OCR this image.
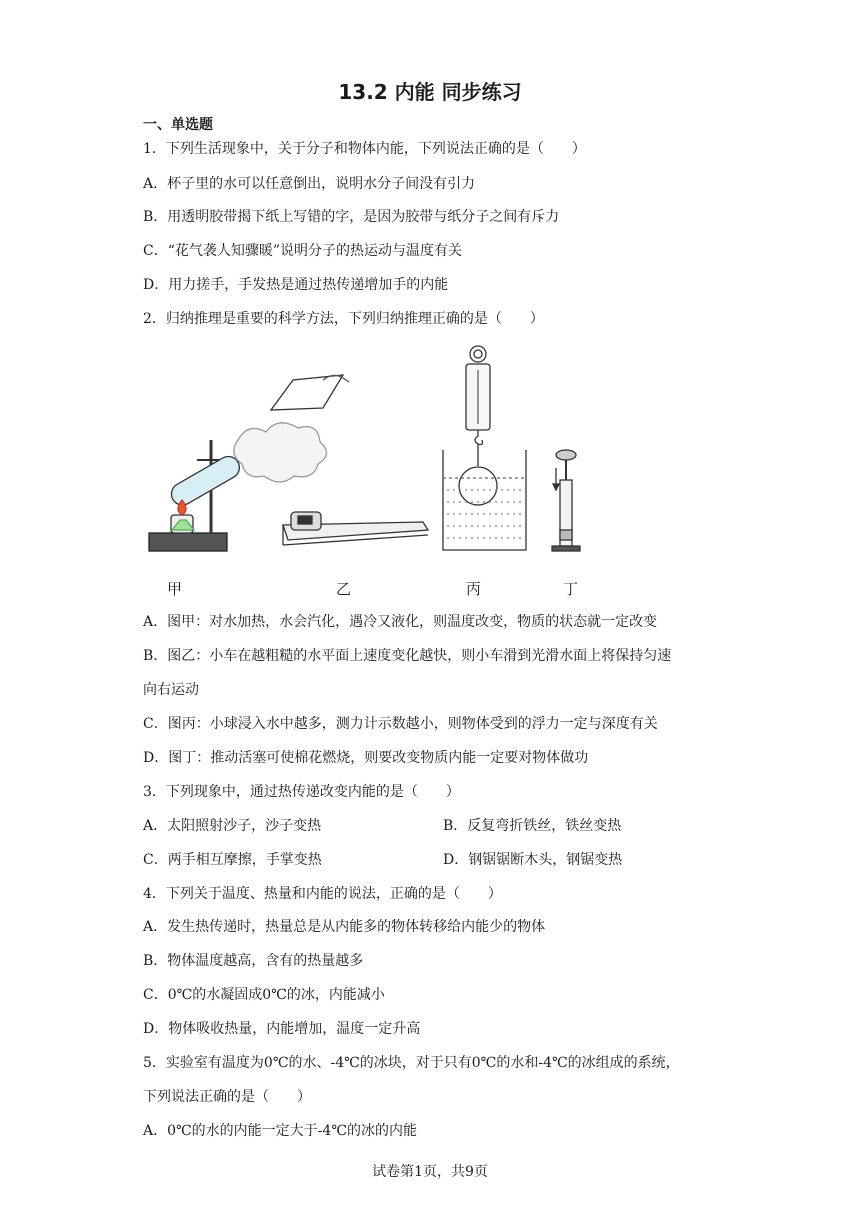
13.2 内能 同步练习
一、单选题
1．下列生活现象中，关于分子和物体内能，下列说法正确的是（　　）
A．杯子里的水可以任意倒出，说明水分子间没有引力
B．用透明胶带揭下纸上写错的字，是因为胶带与纸分子之间有斥力
C．“花气袭人知骤暖”说明分子的热运动与温度有关
D．用力搓手，手发热是通过热传递增加手的内能
2．归纳推理是重要的科学方法，下列归纳推理正确的是（　　）
甲	乙	丙	丁
A．图甲：对水加热，水会汽化，遇冷又液化，则温度改变，物质的状态就一定改变
B．图乙：小车在越粗糙的水平面上速度变化越快，则小车滑到光滑水面上将保持匀速
向右运动
C．图丙：小球浸入水中越多，测力计示数越小，则物体受到的浮力一定与深度有关
D．图丁：推动活塞可使棉花燃烧，则要改变物质内能一定要对物体做功
3．下列现象中，通过热传递改变内能的是（　　）
A．太阳照射沙子，沙子变热	B．反复弯折铁丝，铁丝变热
C．两手相互摩擦，手掌变热	D．钢锯锯断木头，钢锯变热
4．下列关于温度、热量和内能的说法，正确的是（　　）
A．发生热传递时，热量总是从内能多的物体转移给内能少的物体
B．物体温度越高，含有的热量越多
C．0℃的水凝固成0℃的冰，内能减小
D．物体吸收热量，内能增加，温度一定升高
5．实验室有温度为0℃的水、-4℃的冰块，对于只有0℃的水和-4℃的冰组成的系统，
下列说法正确的是（　　）
A．0℃的水的内能一定大于-4℃的冰的内能
试卷第1页，共9页
